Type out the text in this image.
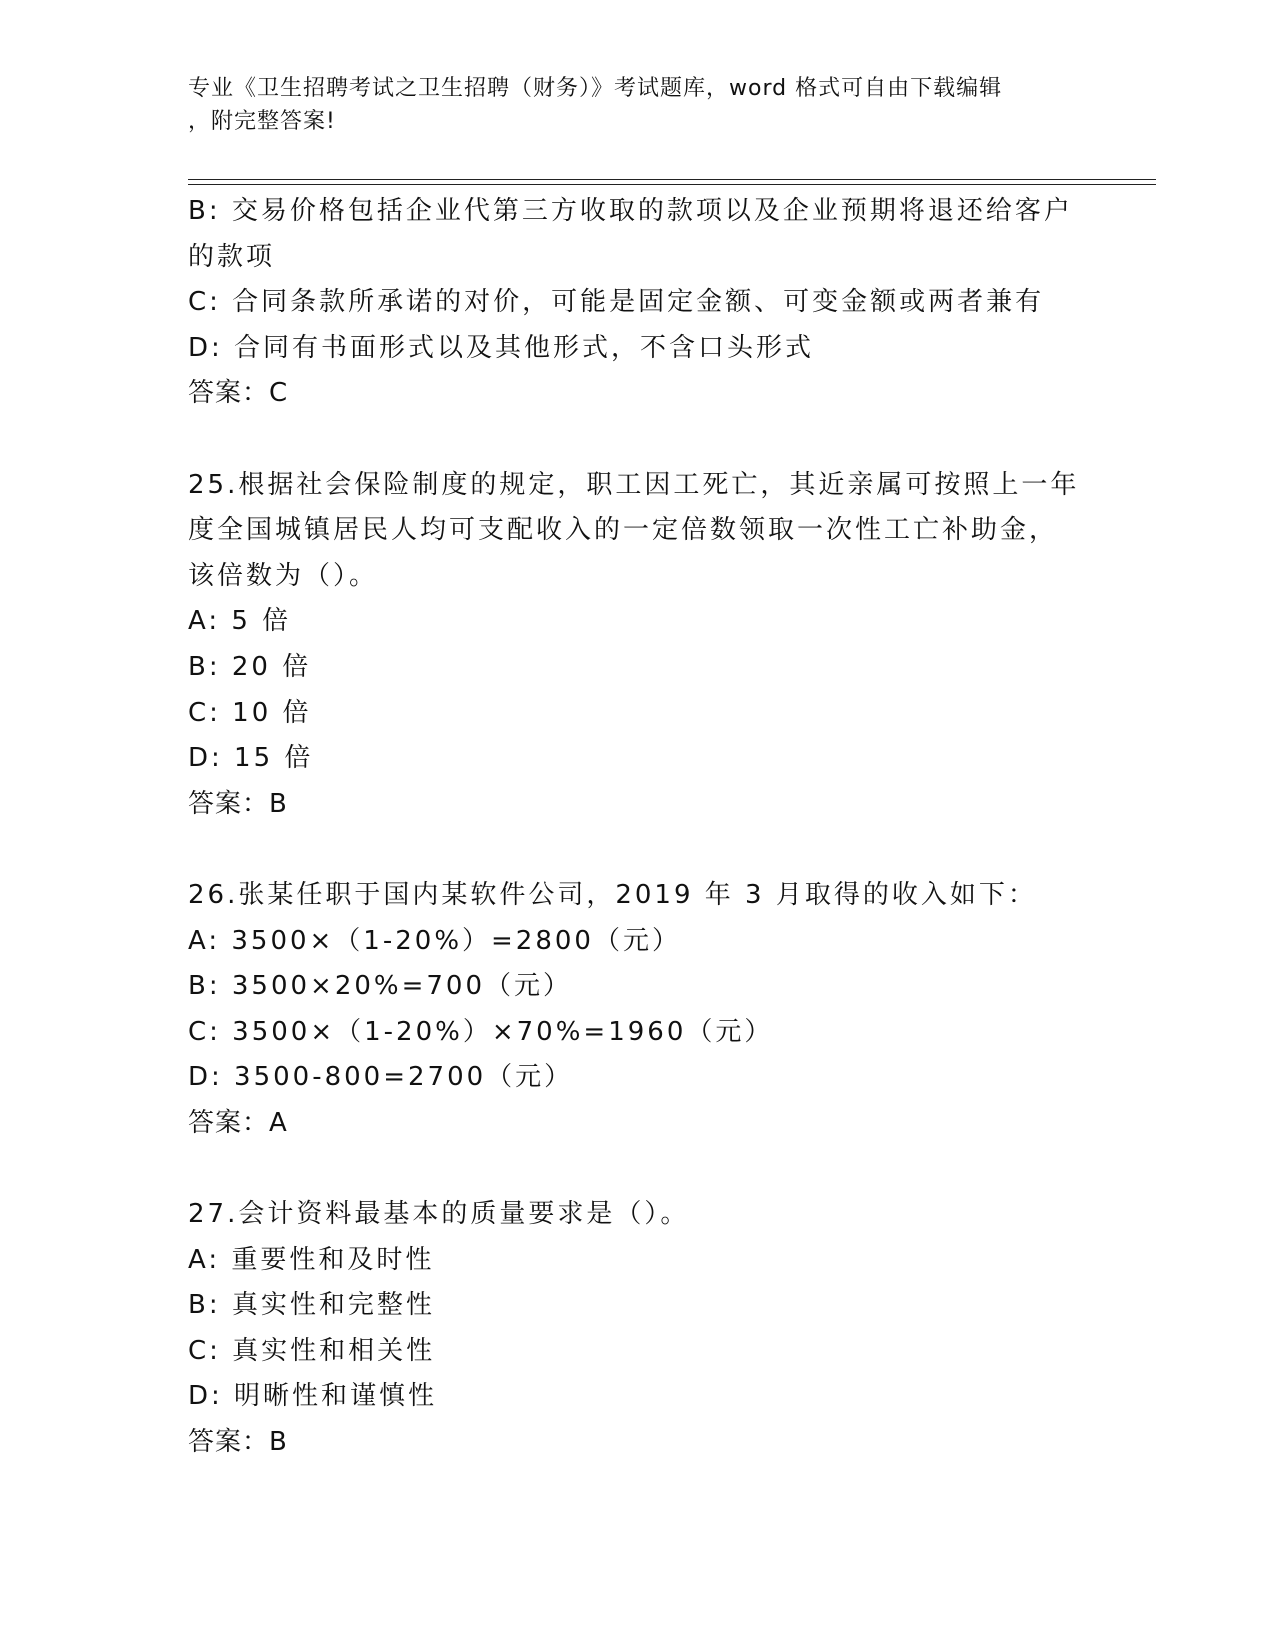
专业《卫生招聘考试之卫生招聘（财务）》考试题库，word 格式可自由下载编辑
，附完整答案!
B: 交易价格包括企业代第三方收取的款项以及企业预期将退还给客户
的款项
C: 合同条款所承诺的对价，可能是固定金额、可变金额或两者兼有
D: 合同有书面形式以及其他形式，不含口头形式
答案：C
25.根据社会保险制度的规定，职工因工死亡，其近亲属可按照上一年
度全国城镇居民人均可支配收入的一定倍数领取一次性工亡补助金，
该倍数为（）。
A: 5 倍
B: 20 倍
C: 10 倍
D: 15 倍
答案：B
26.张某任职于国内某软件公司，2019 年 3 月取得的收入如下：
A: 3500×（1-20%）=2800（元）
B: 3500×20%=700（元）
C: 3500×（1-20%）×70%=1960（元）
D: 3500-800=2700（元）
答案：A
27.会计资料最基本的质量要求是（）。
A: 重要性和及时性
B: 真实性和完整性
C: 真实性和相关性
D: 明晰性和谨慎性
答案：B
